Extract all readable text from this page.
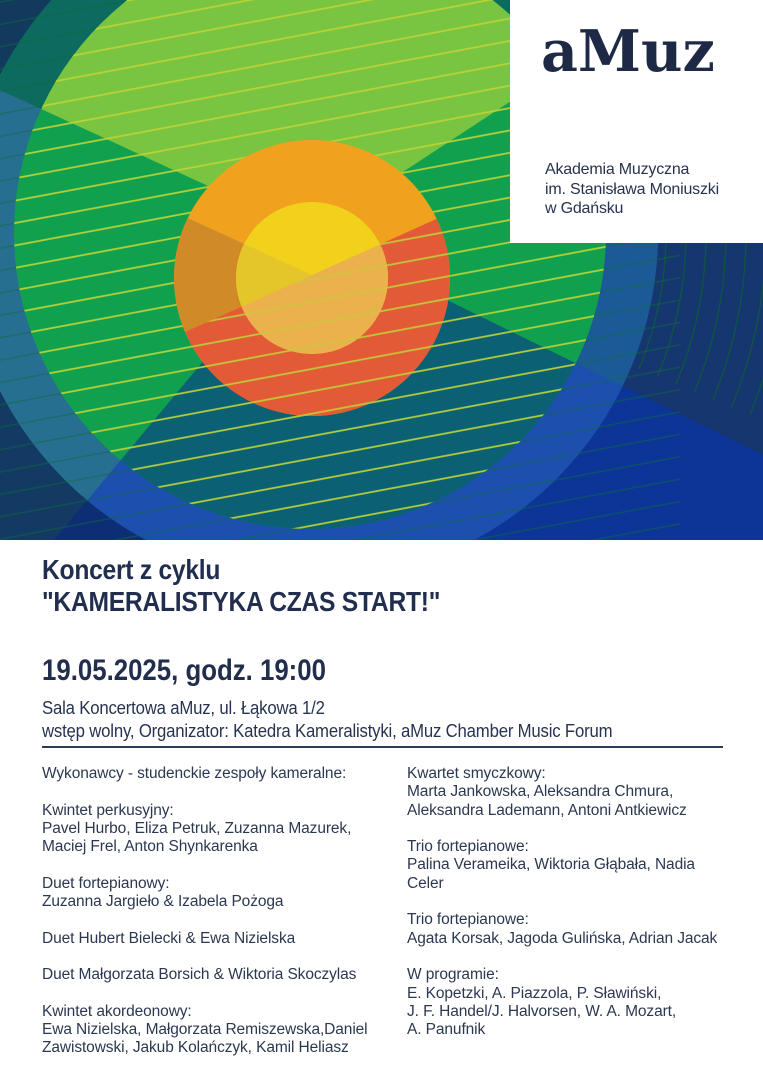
aMuz
Akademia Muzyczna
im. Stanisława Moniuszki
w Gdańsku
Koncert z cyklu
"KAMERALISTYKA CZAS START!"
19.05.2025, godz. 19:00
Sala Koncertowa aMuz, ul. Łąkowa 1/2
wstęp wolny, Organizator: Katedra Kameralistyki, aMuz Chamber Music Forum
Wykonawcy - studenckie zespoły kameralne:

Kwintet perkusyjny:
Pavel Hurbo, Eliza Petruk, Zuzanna Mazurek,
Maciej Frel, Anton Shynkarenka

Duet fortepianowy:
Zuzanna Jargieło & Izabela Pożoga

Duet Hubert Bielecki & Ewa Nizielska

Duet Małgorzata Borsich & Wiktoria Skoczylas

Kwintet akordeonowy:
Ewa Nizielska, Małgorzata Remiszewska,Daniel
Zawistowski, Jakub Kolańczyk, Kamil Heliasz
Kwartet smyczkowy:
Marta Jankowska, Aleksandra Chmura,
Aleksandra Lademann, Antoni Antkiewicz

Trio fortepianowe:
Palina Verameika, Wiktoria Głąbała, Nadia
Celer

Trio fortepianowe:
Agata Korsak, Jagoda Gulińska, Adrian Jacak

W programie:
E. Kopetzki, A. Piazzola, P. Sławiński,
J. F. Handel/J. Halvorsen, W. A. Mozart,
A. Panufnik
